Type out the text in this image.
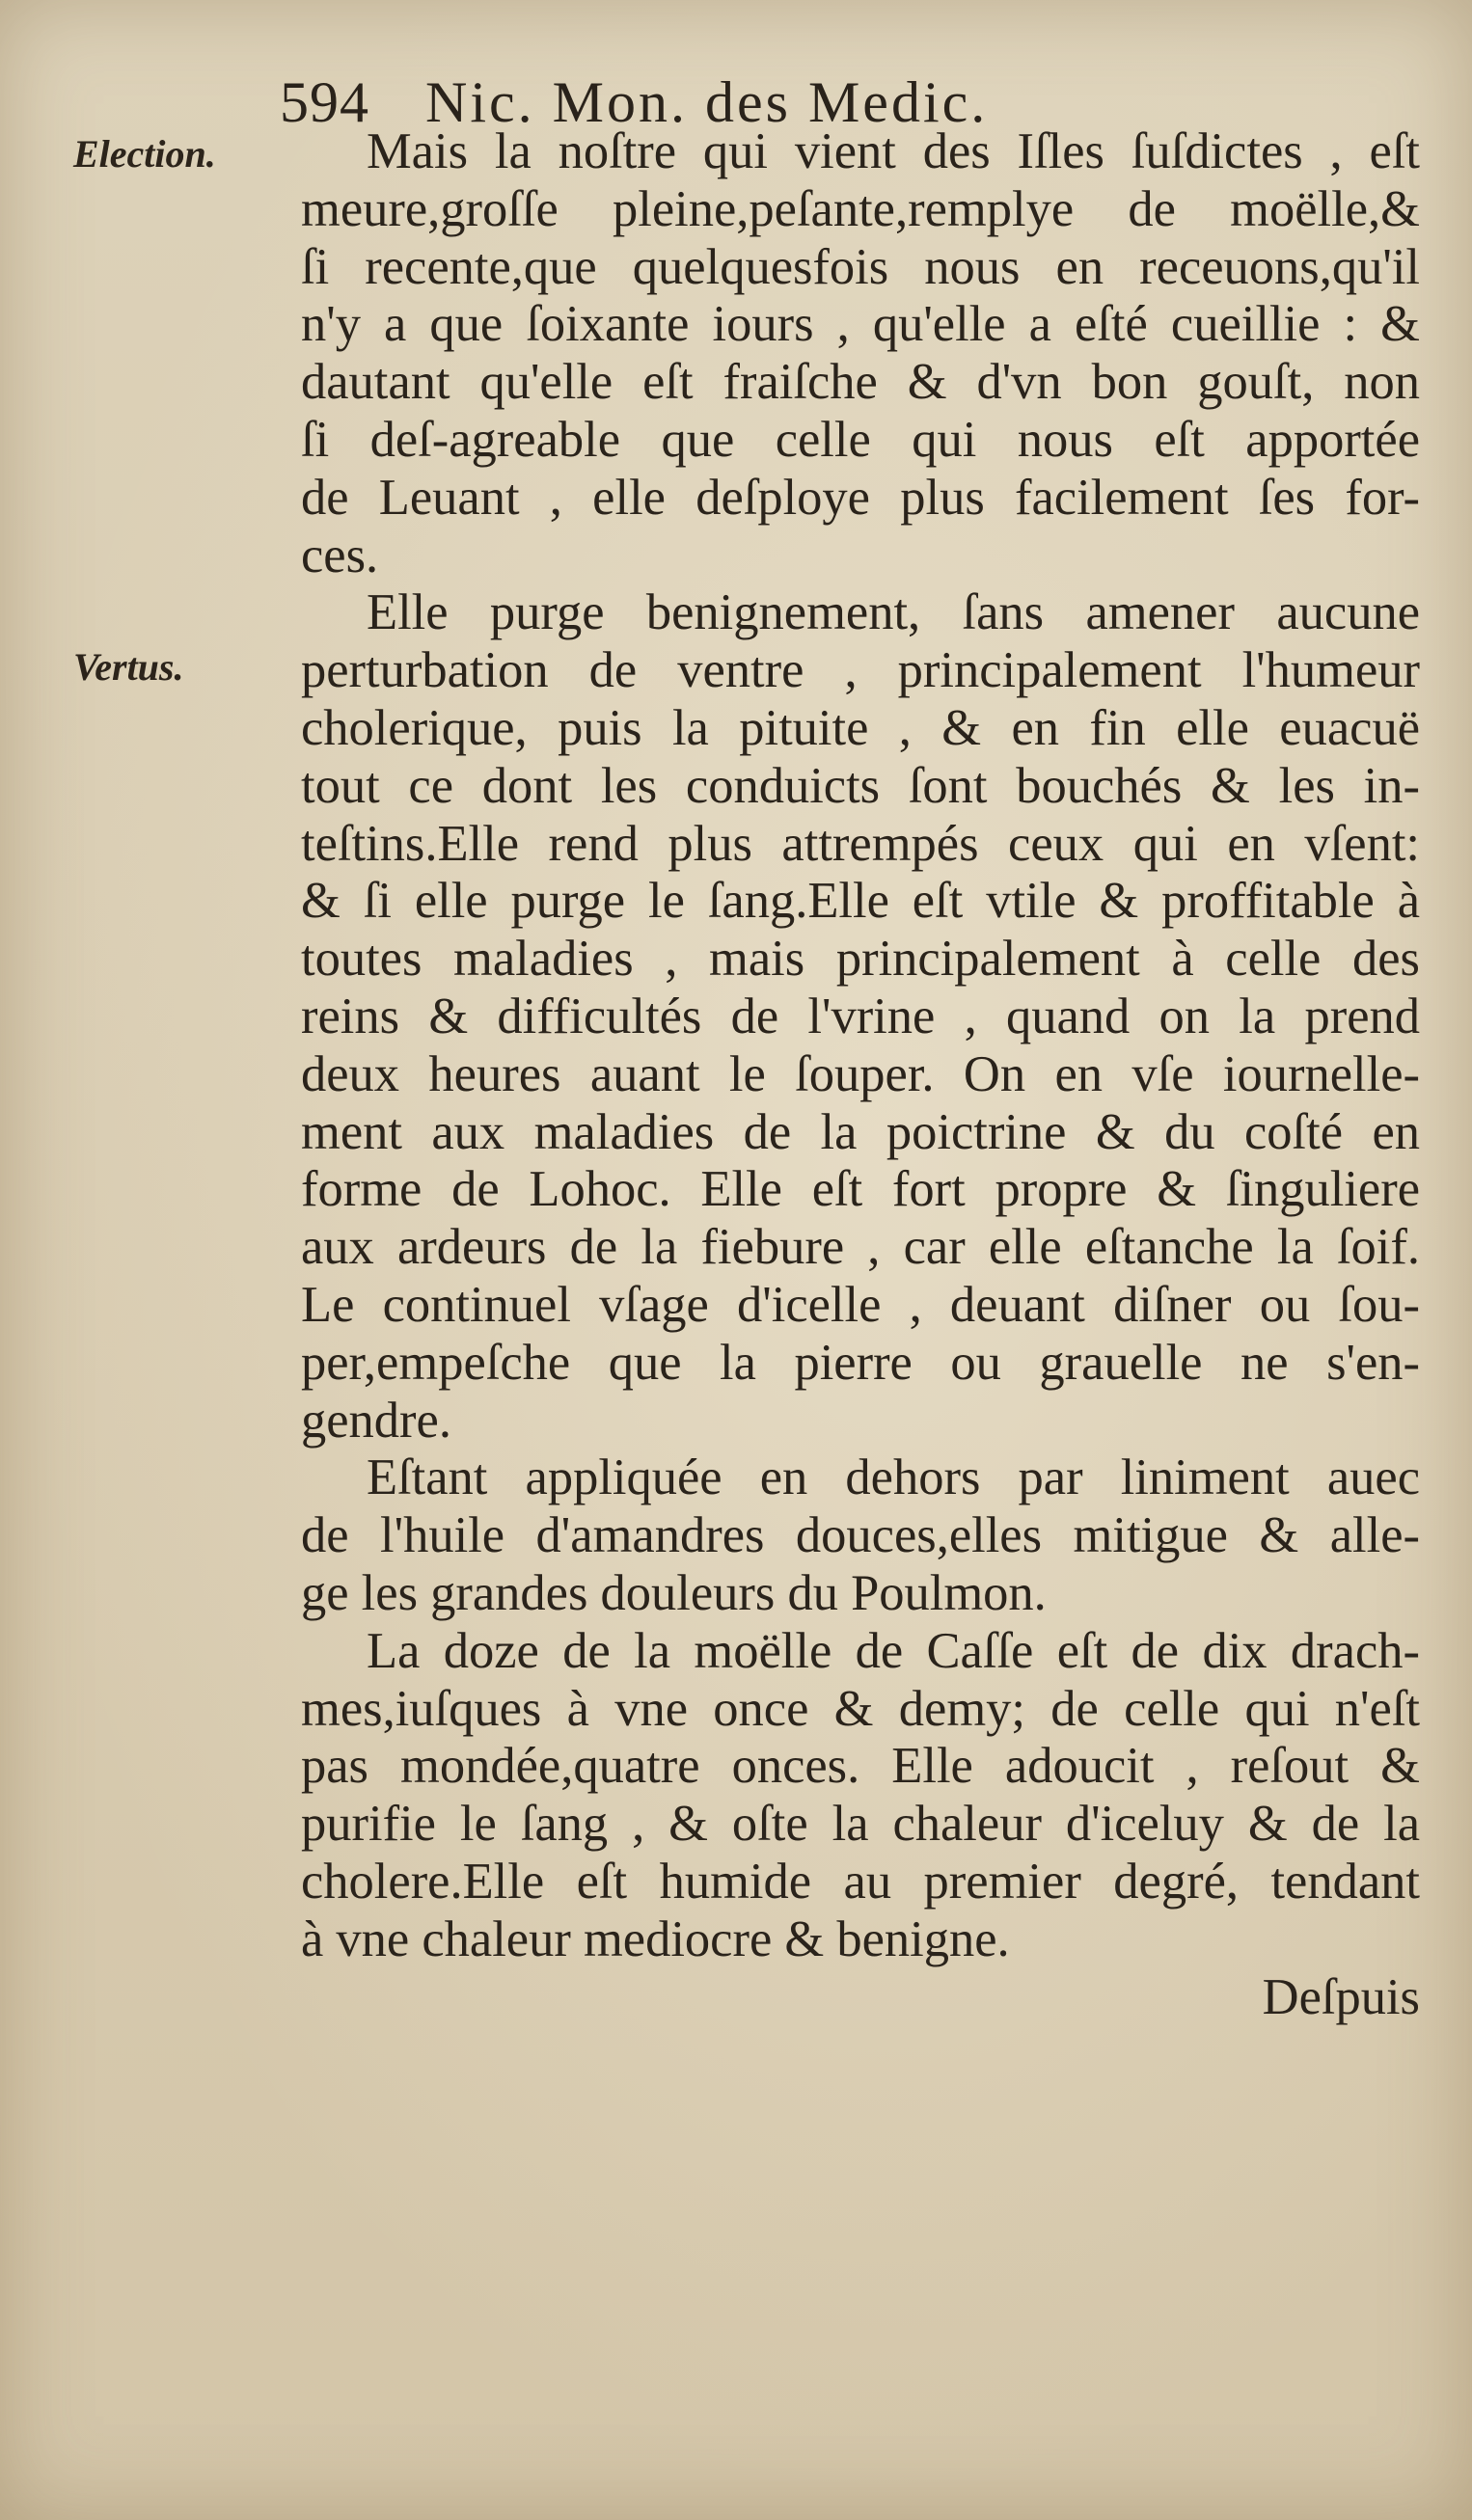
594 Nic. Mon. des Medic.
Election.
Vertus.
Mais la noſtre qui vient des Iſles ſuſdictes , eſt
meure,groſſe pleine,peſante,remplye de moëlle,&
ſi recente,que quelquesfois nous en receuons,qu'il
n'y a que ſoixante iours , qu'elle a eſté cueillie : &
dautant qu'elle eſt fraiſche & d'vn bon gouſt, non
ſi deſ-agreable que celle qui nous eſt apportée
de Leuant , elle deſploye plus facilement ſes for-
ces.
Elle purge benignement, ſans amener aucune
perturbation de ventre , principalement l'humeur
cholerique, puis la pituite , & en fin elle euacuë
tout ce dont les conduicts ſont bouchés & les in-
teſtins.Elle rend plus attrempés ceux qui en vſent:
& ſi elle purge le ſang.Elle eſt vtile & proffitable à
toutes maladies , mais principalement à celle des
reins & difficultés de l'vrine , quand on la prend
deux heures auant le ſouper. On en vſe iournelle-
ment aux maladies de la poictrine & du coſté en
forme de Lohoc. Elle eſt fort propre & ſinguliere
aux ardeurs de la fiebure , car elle eſtanche la ſoif.
Le continuel vſage d'icelle , deuant diſner ou ſou-
per,empeſche que la pierre ou grauelle ne s'en-
gendre.
Eſtant appliquée en dehors par liniment auec
de l'huile d'amandres douces,elles mitigue & alle-
ge les grandes douleurs du Poulmon.
La doze de la moëlle de Caſſe eſt de dix drach-
mes,iuſques à vne once & demy; de celle qui n'eſt
pas mondée,quatre onces. Elle adoucit , reſout &
purifie le ſang , & oſte la chaleur d'iceluy & de la
cholere.Elle eſt humide au premier degré, tendant
à vne chaleur mediocre & benigne.
Deſpuis
